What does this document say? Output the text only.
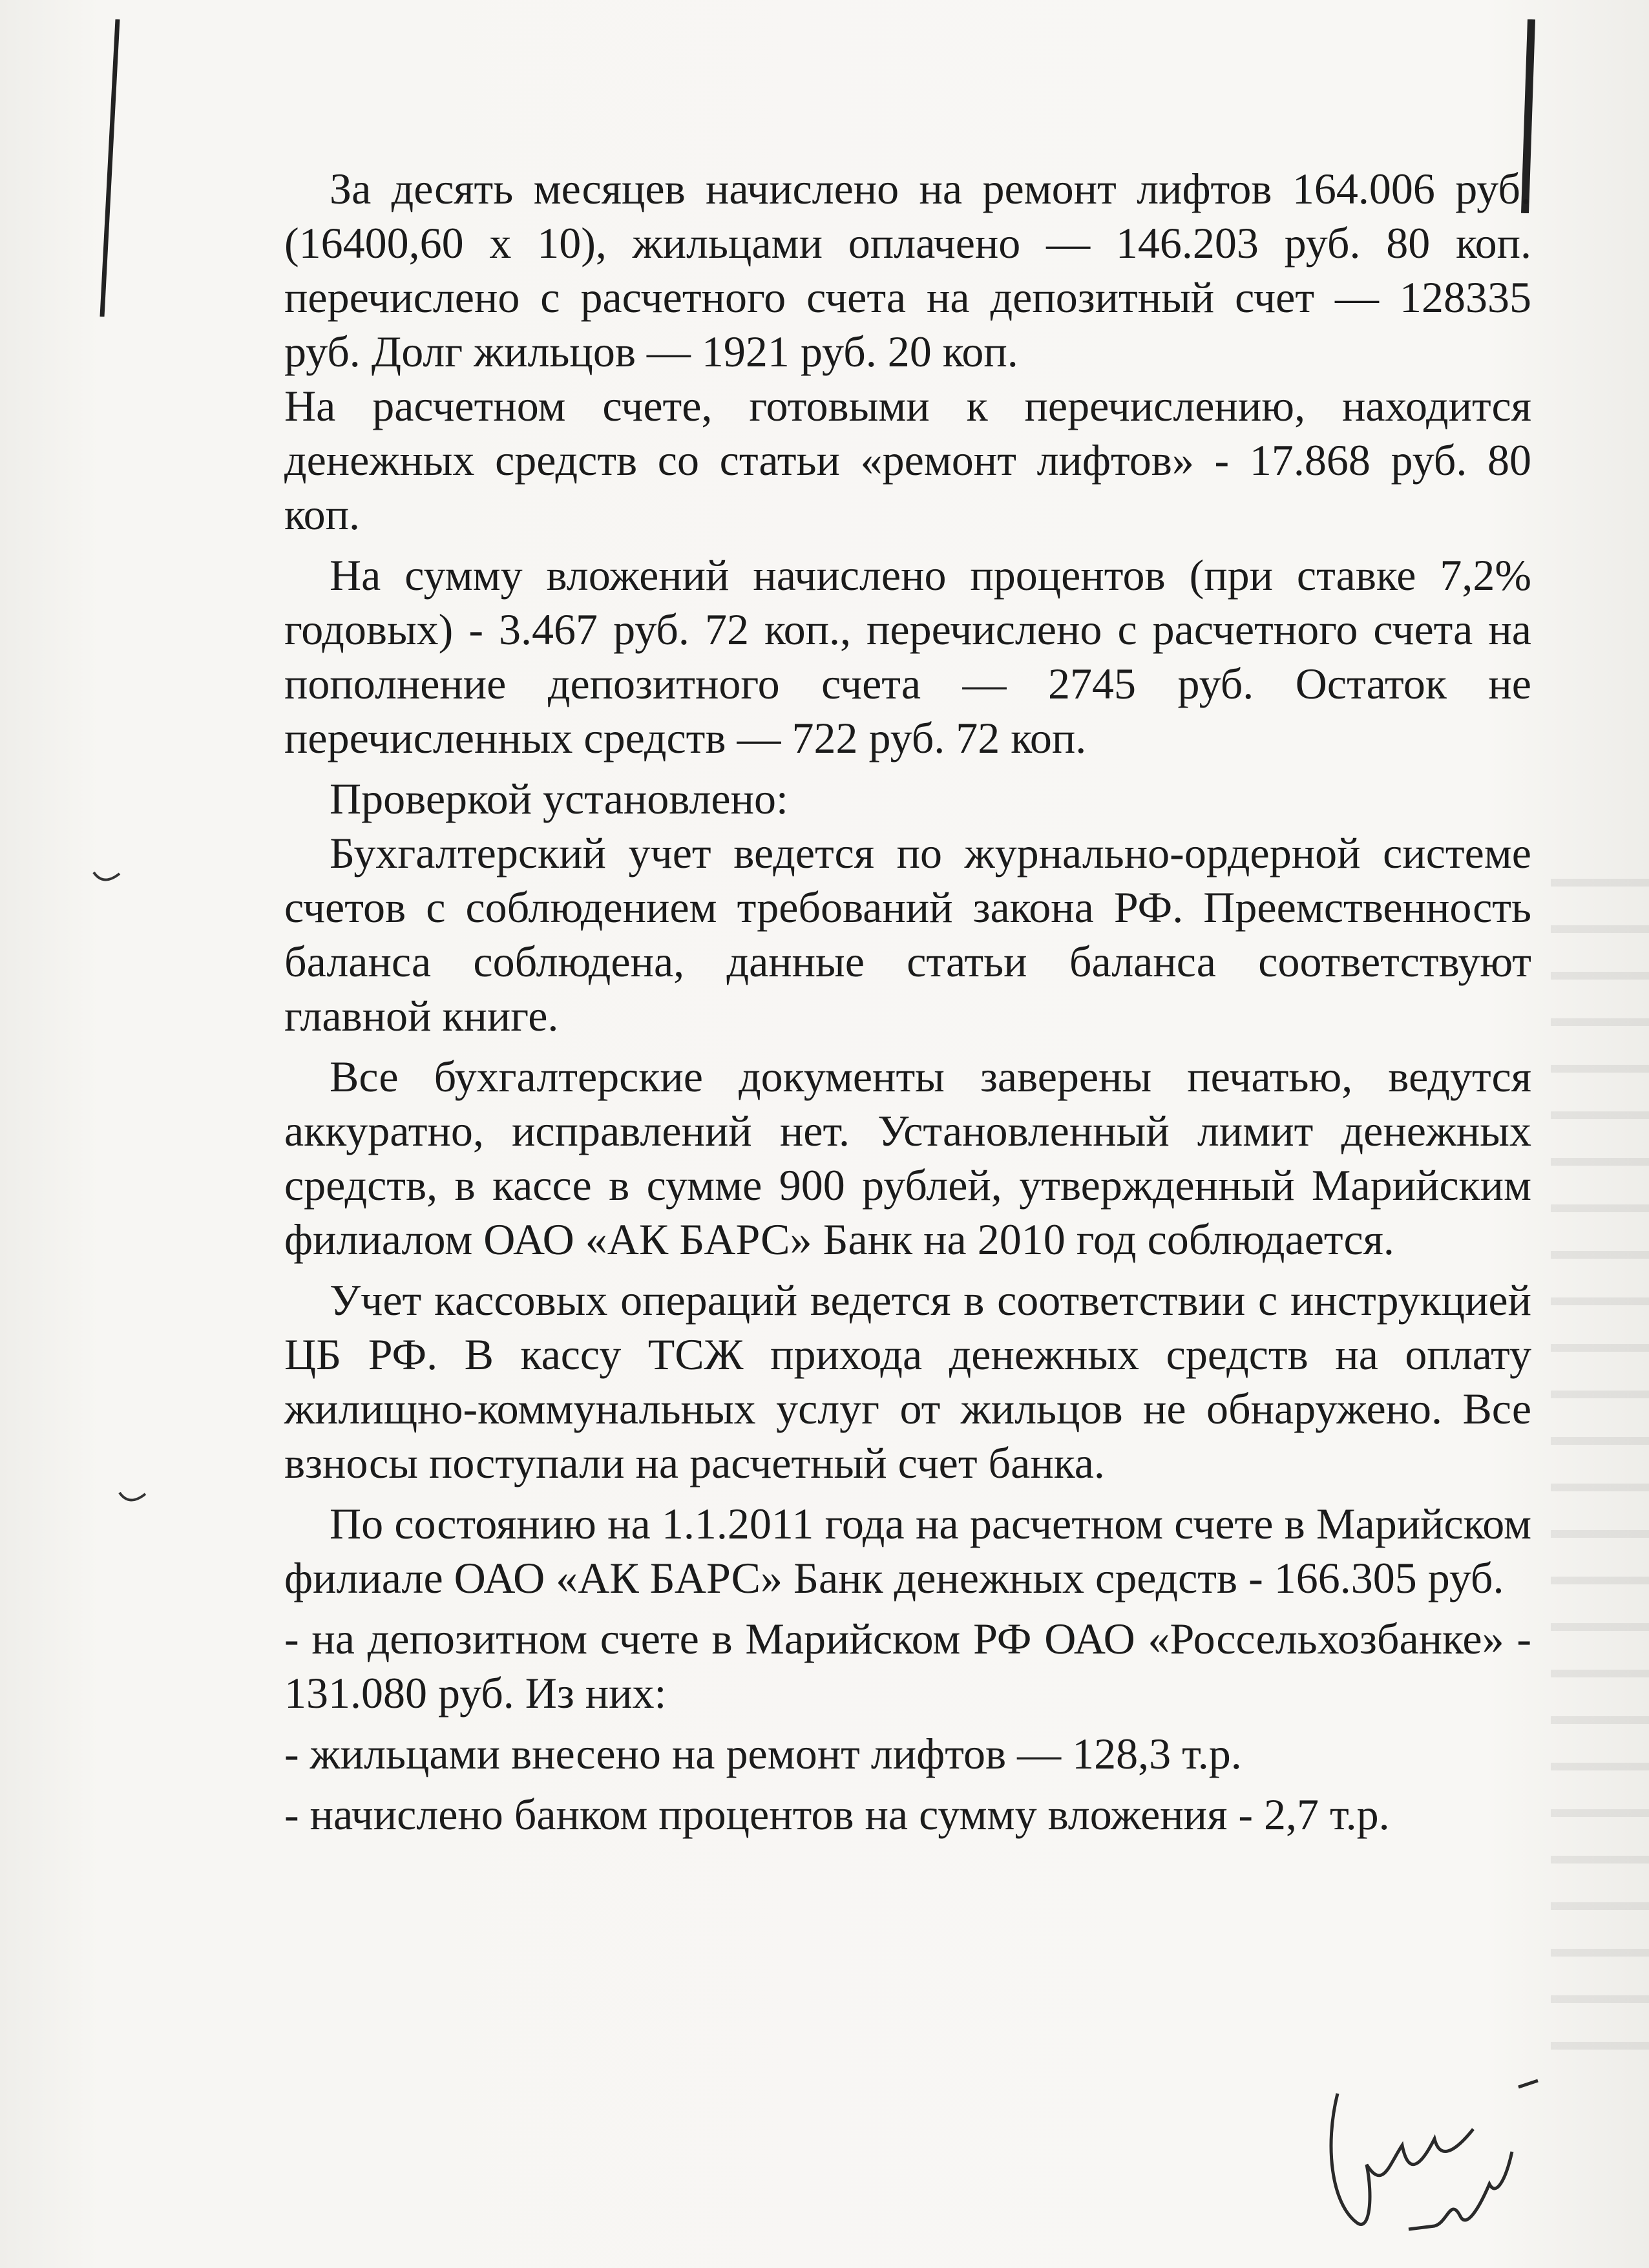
За десять месяцев начислено на ремонт лифтов 164.006 руб. (16400,60 х 10), жильцами оплачено — 146.203 руб. 80 коп. перечислено с расчетного счета на депозитный счет — 128335 руб. Долг жильцов — 1921 руб. 20 коп.

На расчетном счете, готовыми к перечислению, находится денежных средств со статьи «ремонт лифтов» - 17.868 руб. 80 коп.

На сумму вложений начислено процентов (при ставке 7,2% годовых) - 3.467 руб. 72 коп., перечислено с расчетного счета на пополнение депозитного счета — 2745 руб. Остаток не перечисленных средств — 722 руб. 72 коп.

Проверкой установлено:

Бухгалтерский учет ведется по журнально-ордерной системе счетов с соблюдением требований закона РФ. Преемственность баланса соблюдена, данные статьи баланса соответствуют главной книге.

Все бухгалтерские документы заверены печатью, ведутся аккуратно, исправлений нет. Установленный лимит денежных средств, в кассе в сумме 900 рублей, утвержденный Марийским филиалом ОАО «АК БАРС» Банк на 2010 год соблюдается.

Учет кассовых операций ведется в соответствии с инструкцией ЦБ РФ. В кассу ТСЖ прихода денежных средств на оплату жилищно-коммунальных услуг от жильцов не обнаружено. Все взносы поступали на расчетный счет банка.

По состоянию на 1.1.2011 года на расчетном счете в Марийском филиале ОАО «АК БАРС» Банк денежных средств - 166.305 руб.

- на депозитном счете в Марийском РФ ОАО «Россельхозбанке» - 131.080 руб. Из них:

- жильцами внесено на ремонт лифтов — 128,3 т.р.

- начислено банком процентов на сумму вложения - 2,7 т.р.
